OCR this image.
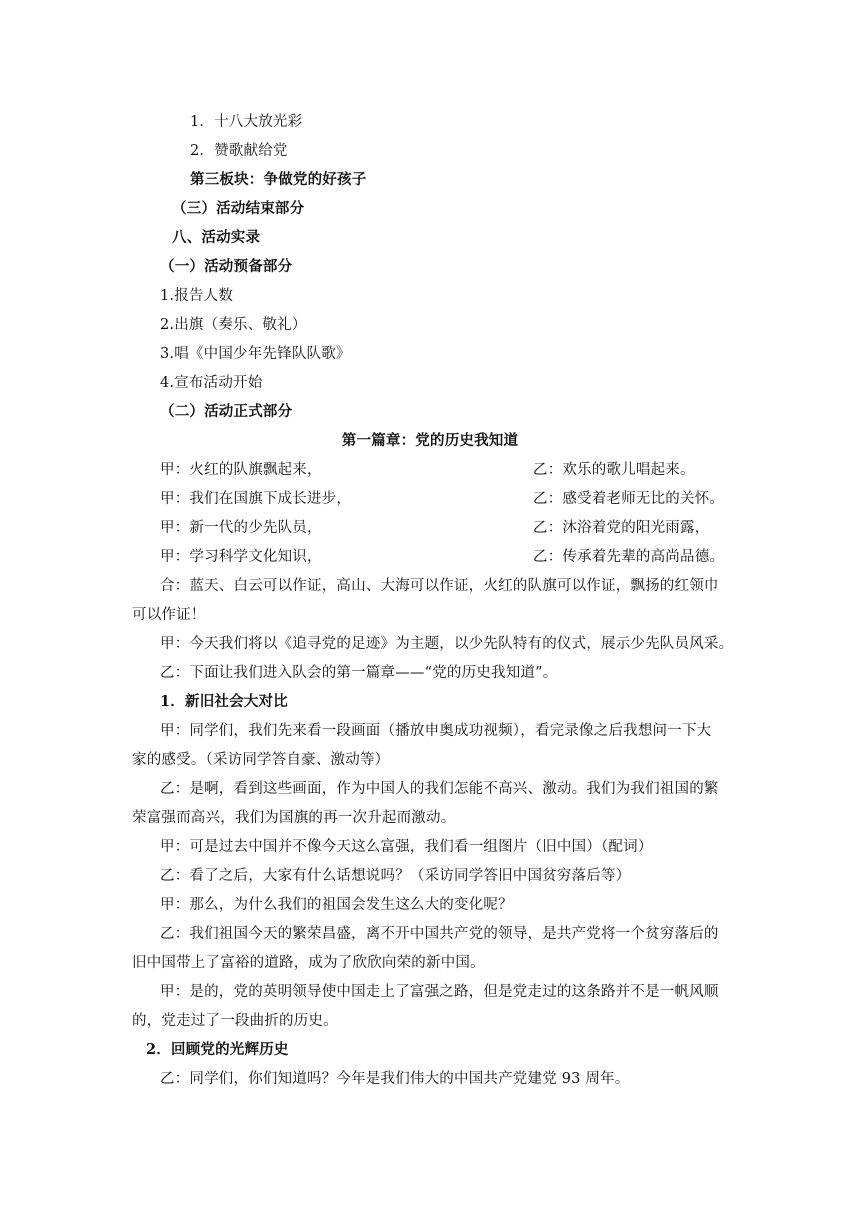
1．十八大放光彩
2．赞歌献给党
第三板块：争做党的好孩子
（三）活动结束部分
八、活动实录
（一）活动预备部分
1.报告人数
2.出旗（奏乐、敬礼）
3.唱《中国少年先锋队队歌》
4.宣布活动开始
（二）活动正式部分
第一篇章：党的历史我知道
甲：火红的队旗飘起来，	乙：欢乐的歌儿唱起来。
甲：我们在国旗下成长进步，	乙：感受着老师无比的关怀。
甲：新一代的少先队员，	乙：沐浴着党的阳光雨露，
甲：学习科学文化知识，	乙：传承着先辈的高尚品德。
合：蓝天、白云可以作证，高山、大海可以作证，火红的队旗可以作证，飘扬的红领巾
可以作证！
甲：今天我们将以《追寻党的足迹》为主题，以少先队特有的仪式，展示少先队员风采。
乙：下面让我们进入队会的第一篇章——“党的历史我知道”。
1．新旧社会大对比
甲：同学们，我们先来看一段画面（播放申奥成功视频），看完录像之后我想问一下大
家的感受。（采访同学答自豪、激动等）
乙：是啊，看到这些画面，作为中国人的我们怎能不高兴、激动。我们为我们祖国的繁
荣富强而高兴，我们为国旗的再一次升起而激动。
甲：可是过去中国并不像今天这么富强，我们看一组图片（旧中国）（配词）
乙：看了之后，大家有什么话想说吗？（采访同学答旧中国贫穷落后等）
甲：那么，为什么我们的祖国会发生这么大的变化呢？
乙：我们祖国今天的繁荣昌盛，离不开中国共产党的领导，是共产党将一个贫穷落后的
旧中国带上了富裕的道路，成为了欣欣向荣的新中国。
甲：是的，党的英明领导使中国走上了富强之路，但是党走过的这条路并不是一帆风顺
的，党走过了一段曲折的历史。
2．回顾党的光辉历史
乙：同学们，你们知道吗？今年是我们伟大的中国共产党建党 93 周年。
